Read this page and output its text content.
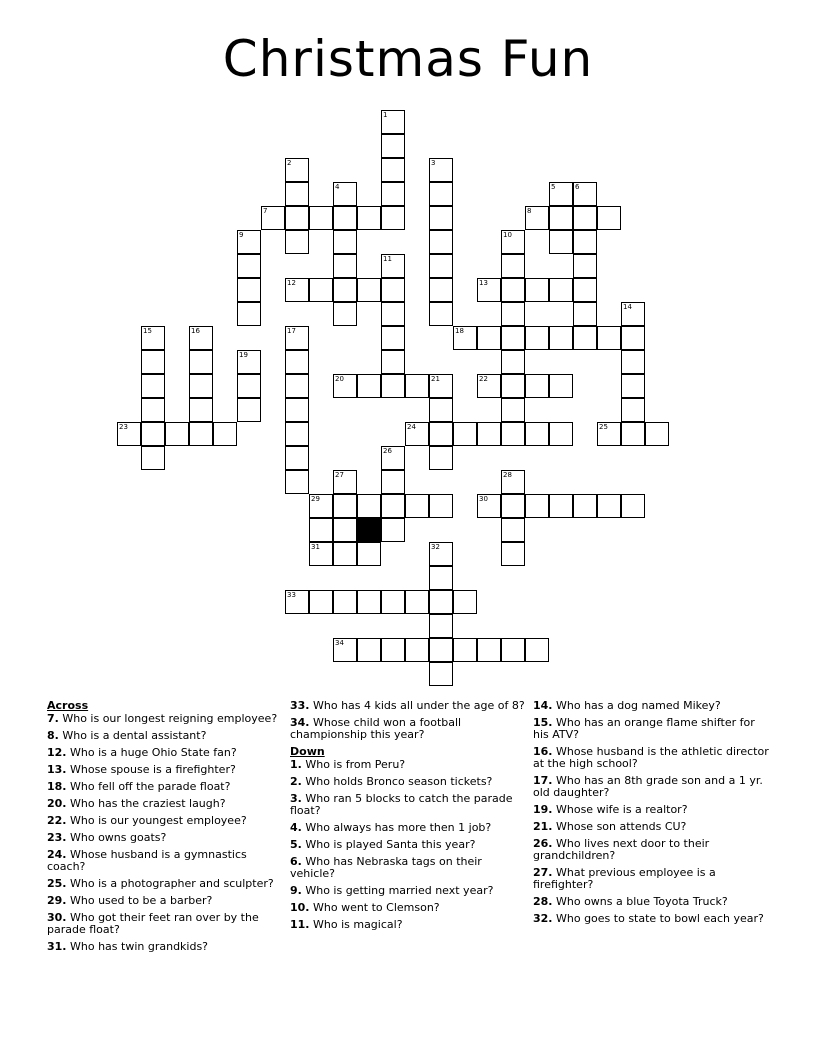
Christmas Fun
1
2	3
4	5	6
7	8
9	10
11
12	13
14
15	16	17	18
19
20	21	22
23	24	25
26
27	28
29	30
31	32
33
34
Across
7. Who is our longest reigning employee?
8. Who is a dental assistant?
12. Who is a huge Ohio State fan?
13. Whose spouse is a firefighter?
18. Who fell off the parade float?
20. Who has the craziest laugh?
22. Who is our youngest employee?
23. Who owns goats?
24. Whose husband is a gymnastics coach?
25. Who is a photographer and sculpter?
29. Who used to be a barber?
30. Who got their feet ran over by the parade float?
31. Who has twin grandkids?
33. Who has 4 kids all under the age of 8?
34. Whose child won a football championship this year?
Down
1. Who is from Peru?
2. Who holds Bronco season tickets?
3. Who ran 5 blocks to catch the parade float?
4. Who always has more then 1 job?
5. Who is played Santa this year?
6. Who has Nebraska tags on their vehicle?
9. Who is getting married next year?
10. Who went to Clemson?
11. Who is magical?
14. Who has a dog named Mikey?
15. Who has an orange flame shifter for his ATV?
16. Whose husband is the athletic director at the high school?
17. Who has an 8th grade son and a 1 yr. old daughter?
19. Whose wife is a realtor?
21. Whose son attends CU?
26. Who lives next door to their grandchildren?
27. What previous employee is a firefighter?
28. Who owns a blue Toyota Truck?
32. Who goes to state to bowl each year?
